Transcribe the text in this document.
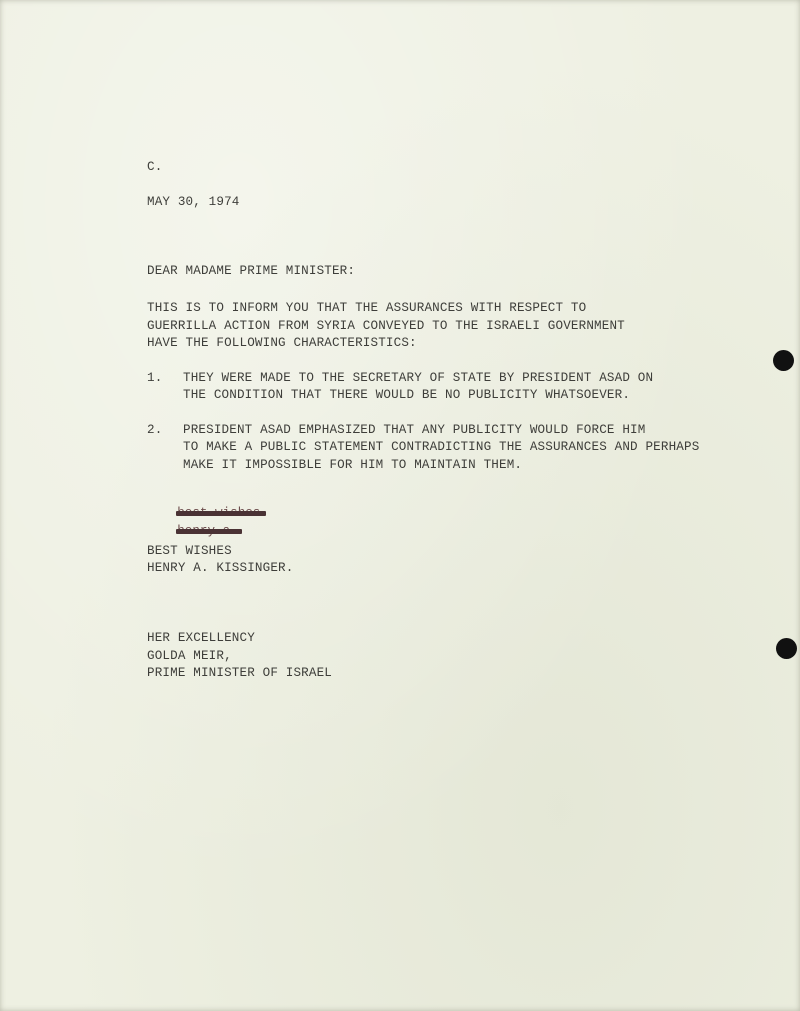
C.

MAY 30, 1974

DEAR MADAME PRIME MINISTER:

THIS IS TO INFORM YOU THAT THE ASSURANCES WITH RESPECT TO

GUERRILLA ACTION FROM SYRIA CONVEYED TO THE ISRAELI GOVERNMENT

HAVE THE FOLLOWING CHARACTERISTICS:

1. THEY WERE MADE TO THE SECRETARY OF STATE BY PRESIDENT ASAD ON

THE CONDITION THAT THERE WOULD BE NO PUBLICITY WHATSOEVER.

2. PRESIDENT ASAD EMPHASIZED THAT ANY PUBLICITY WOULD FORCE HIM

TO MAKE A PUBLIC STATEMENT CONTRADICTING THE ASSURANCES AND PERHAPS

MAKE IT IMPOSSIBLE FOR HIM TO MAINTAIN THEM.

BEST WISHES

HENRY A. KISSINGER.

HER EXCELLENCY

GOLDA MEIR,

PRIME MINISTER OF ISRAEL
